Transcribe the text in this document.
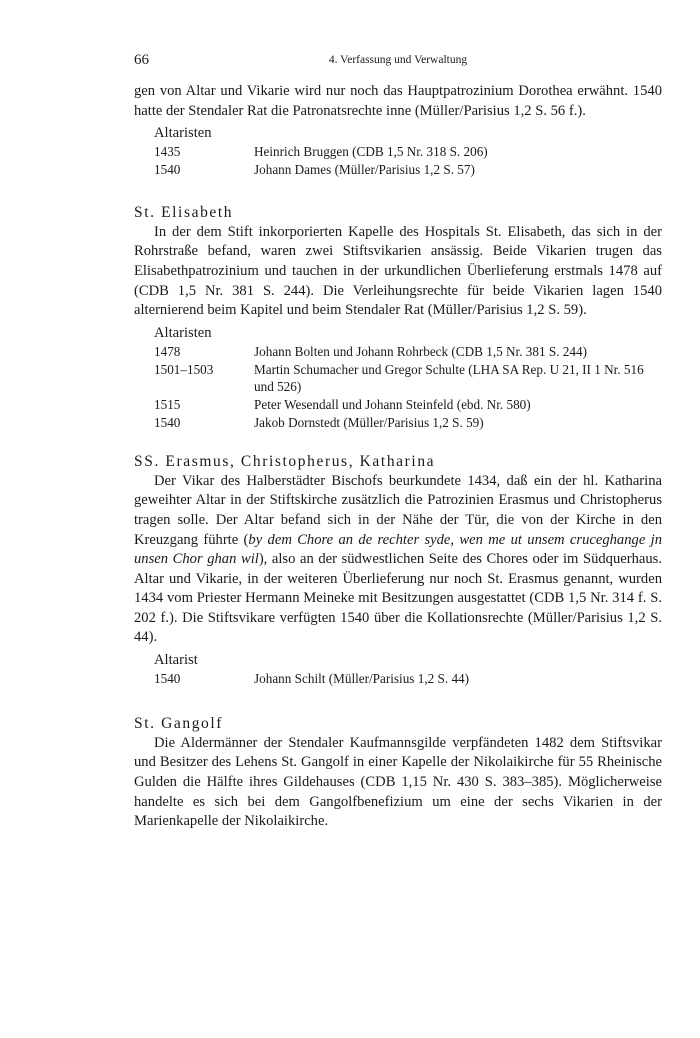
66	4. Verfassung und Verwaltung

gen von Altar und Vikarie wird nur noch das Hauptpatrozinium Dorothea erwähnt. 1540 hatte der Stendaler Rat die Patronatsrechte inne (Müller/Parisius 1,2 S. 56 f.).

Altaristen
1435	Heinrich Bruggen (CDB 1,5 Nr. 318 S. 206)
1540	Johann Dames (Müller/Parisius 1,2 S. 57)
St. Elisabeth

In der dem Stift inkorporierten Kapelle des Hospitals St. Elisabeth, das sich in der Rohrstraße befand, waren zwei Stiftsvikarien ansässig. Beide Vikarien trugen das Elisabethpatrozinium und tauchen in der urkundlichen Überlieferung erstmals 1478 auf (CDB 1,5 Nr. 381 S. 244). Die Verleihungsrechte für beide Vikarien lagen 1540 alternierend beim Kapitel und beim Stendaler Rat (Müller/Parisius 1,2 S. 59).

Altaristen
1478	Johann Bolten und Johann Rohrbeck (CDB 1,5 Nr. 381 S. 244)
1501–1503	Martin Schumacher und Gregor Schulte (LHA SA Rep. U 21, II 1 Nr. 516 und 526)
1515	Peter Wesendall und Johann Steinfeld (ebd. Nr. 580)
1540	Jakob Dornstedt (Müller/Parisius 1,2 S. 59)
SS. Erasmus, Christopherus, Katharina

Der Vikar des Halberstädter Bischofs beurkundete 1434, daß ein der hl. Katharina geweihter Altar in der Stiftskirche zusätzlich die Patrozinien Erasmus und Christopherus tragen solle. Der Altar befand sich in der Nähe der Tür, die von der Kirche in den Kreuzgang führte (by dem Chore an de rechter syde, wen me ut unsem cruceghange jn unsen Chor ghan wil), also an der südwestlichen Seite des Chores oder im Südquerhaus. Altar und Vikarie, in der weiteren Überlieferung nur noch St. Erasmus genannt, wurden 1434 vom Priester Hermann Meineke mit Besitzungen ausgestattet (CDB 1,5 Nr. 314 f. S. 202 f.). Die Stiftsvikare verfügten 1540 über die Kollationsrechte (Müller/Parisius 1,2 S. 44).

Altarist
1540	Johann Schilt (Müller/Parisius 1,2 S. 44)
St. Gangolf

Die Aldermänner der Stendaler Kaufmannsgilde verpfändeten 1482 dem Stiftsvikar und Besitzer des Lehens St. Gangolf in einer Kapelle der Nikolaikirche für 55 Rheinische Gulden die Hälfte ihres Gildehauses (CDB 1,15 Nr. 430 S. 383–385). Möglicherweise handelte es sich bei dem Gangolfbenefizium um eine der sechs Vikarien in der Marienkapelle der Nikolaikirche.
